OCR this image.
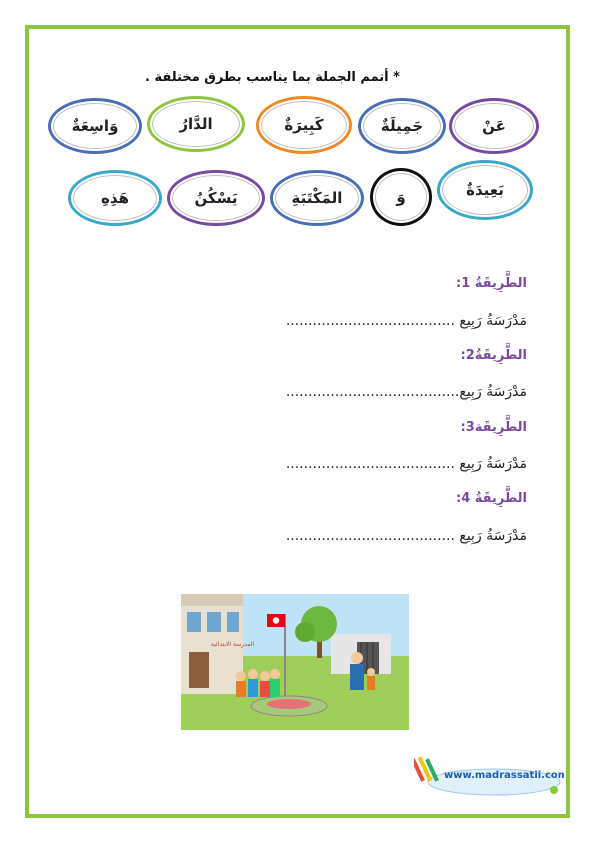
* أتمم الجملة بما يناسب بطرق مختلفة .
عَنْ
جَمِيلَةٌ
كَبِيرَةٌ
الدَّارُ
وَاسِعَةٌ
بَعِيدَةٌ
وَ
المَكْتَبَةِ
يَسْكُنُ
هَذِهِ
الطَّرِيقَةُ 1:
مَدْرَسَةُ رَبِيع ......................................
الطَّرِيقَةُ2:
مَدْرَسَةُ رَبِيع.......................................
الطَّرِيقَة3:
مَدْرَسَةُ رَبِيع ......................................
الطَّرِيقَةُ 4:
مَدْرَسَةُ رَبِيع ......................................
المدرسة الابتدائية
www.madrassatii.com
